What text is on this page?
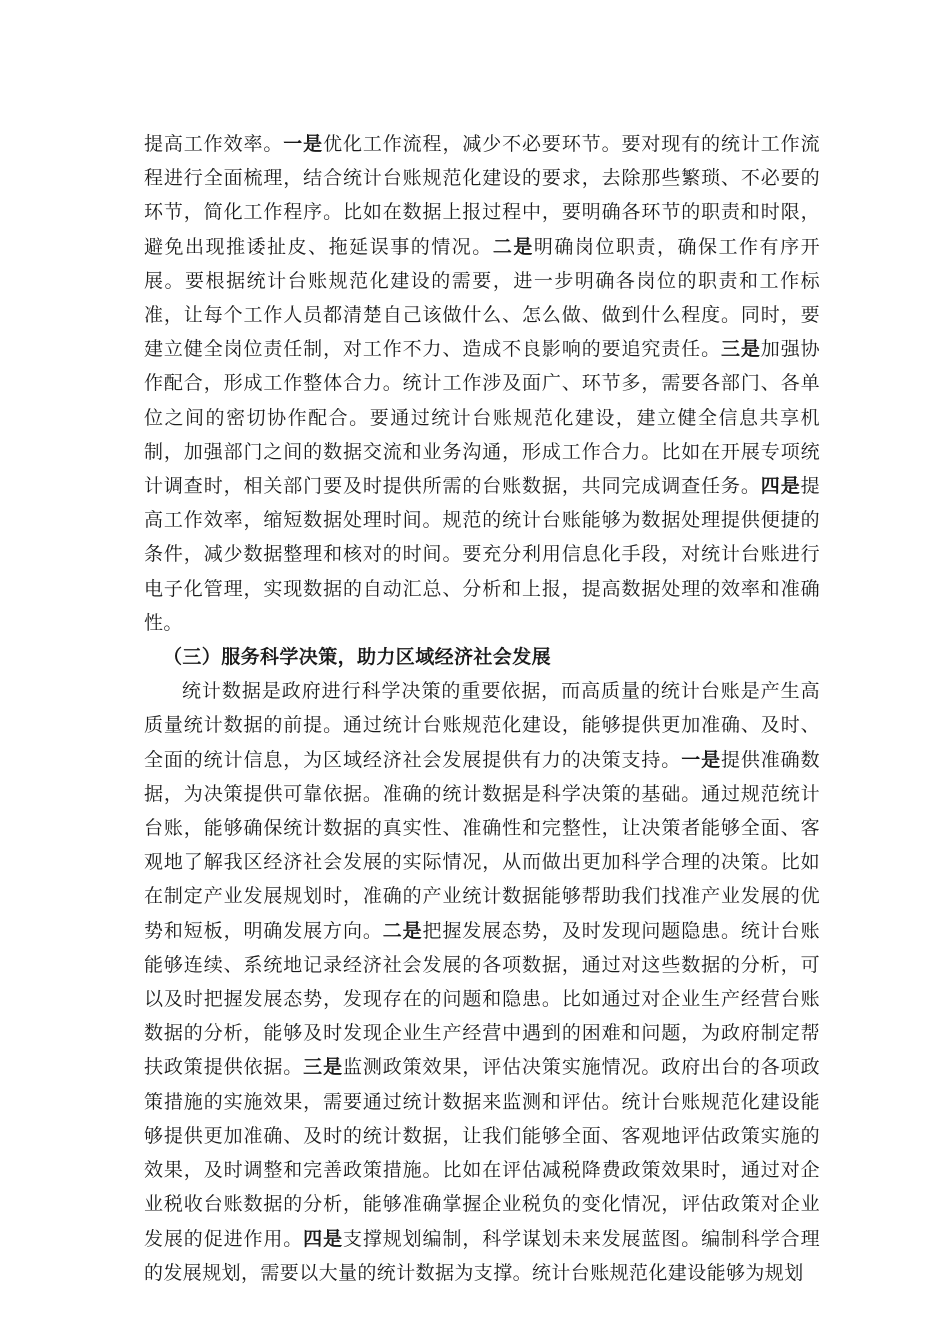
提高工作效率。一是优化工作流程，减少不必要环节。要对现有的统计工作流程进行全面梳理，结合统计台账规范化建设的要求，去除那些繁琐、不必要的环节，简化工作程序。比如在数据上报过程中，要明确各环节的职责和时限，避免出现推诿扯皮、拖延误事的情况。二是明确岗位职责，确保工作有序开展。要根据统计台账规范化建设的需要，进一步明确各岗位的职责和工作标准，让每个工作人员都清楚自己该做什么、怎么做、做到什么程度。同时，要建立健全岗位责任制，对工作不力、造成不良影响的要追究责任。三是加强协作配合，形成工作整体合力。统计工作涉及面广、环节多，需要各部门、各单位之间的密切协作配合。要通过统计台账规范化建设，建立健全信息共享机制，加强部门之间的数据交流和业务沟通，形成工作合力。比如在开展专项统计调查时，相关部门要及时提供所需的台账数据，共同完成调查任务。四是提高工作效率，缩短数据处理时间。规范的统计台账能够为数据处理提供便捷的条件，减少数据整理和核对的时间。要充分利用信息化手段，对统计台账进行电子化管理，实现数据的自动汇总、分析和上报，提高数据处理的效率和准确性。

（三）服务科学决策，助力区域经济社会发展

统计数据是政府进行科学决策的重要依据，而高质量的统计台账是产生高质量统计数据的前提。通过统计台账规范化建设，能够提供更加准确、及时、全面的统计信息，为区域经济社会发展提供有力的决策支持。一是提供准确数据，为决策提供可靠依据。准确的统计数据是科学决策的基础。通过规范统计台账，能够确保统计数据的真实性、准确性和完整性，让决策者能够全面、客观地了解我区经济社会发展的实际情况，从而做出更加科学合理的决策。比如在制定产业发展规划时，准确的产业统计数据能够帮助我们找准产业发展的优势和短板，明确发展方向。二是把握发展态势，及时发现问题隐患。统计台账能够连续、系统地记录经济社会发展的各项数据，通过对这些数据的分析，可以及时把握发展态势，发现存在的问题和隐患。比如通过对企业生产经营台账数据的分析，能够及时发现企业生产经营中遇到的困难和问题，为政府制定帮扶政策提供依据。三是监测政策效果，评估决策实施情况。政府出台的各项政策措施的实施效果，需要通过统计数据来监测和评估。统计台账规范化建设能够提供更加准确、及时的统计数据，让我们能够全面、客观地评估政策实施的效果，及时调整和完善政策措施。比如在评估减税降费政策效果时，通过对企业税收台账数据的分析，能够准确掌握企业税负的变化情况，评估政策对企业发展的促进作用。四是支撑规划编制，科学谋划未来发展蓝图。编制科学合理的发展规划，需要以大量的统计数据为支撑。统计台账规范化建设能够为规划
